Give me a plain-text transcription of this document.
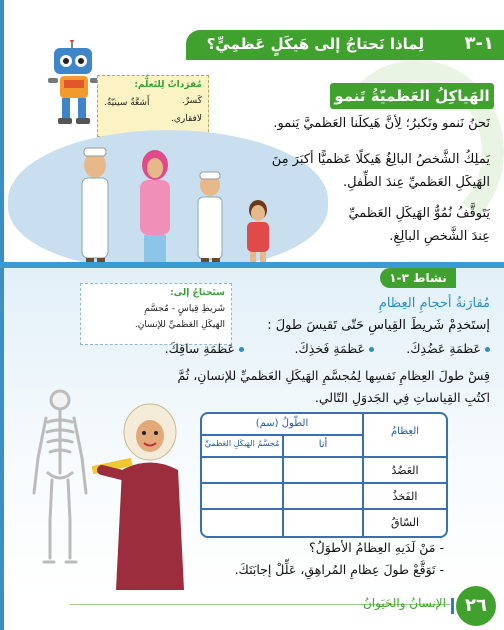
١-٣
لِماذا نَحتاجُ إلى هَيكَلٍ عَظمِيٍّ؟
مُفرَداتٌ لِلتَعلُّم:
أَشعَّةٌ سينيّةٌ.	كَسرٌ.
لافقاري.
الهَياكِلُ العَظميّةُ تَنمو
نَحنُ نَنمو ونَكبرُ؛ لِأنَّ هَيكلَنا العَظميَّ يَنمو.
يَملِكُ الشَّخصُ البالِغُ هَيكلًا عَظميًّا أكبَرَ مِنَ
الهَيكَلِ العَظميِّ عِندَ الطِّفلِ.
يَتَوقَّفُ نُمُوُّ الهَيكَلِ العَظميِّ
عِندَ الشَّخصِ البالِغِ.
نشاط ٣-١
ستَحتاجُ إلى:
شَريطِ قِياسٍ - مُجسَّمِ
الهَيكَلِ العَظميِّ للإنسانِ.
مُقارَنةُ أحجامِ العِظامِ
إستَخدِمْ شَريطَ القِياسِ حَتّى تَقيسَ طولَ :
عَظمَةِ عَضُدِكَ.
عَظمَةِ فَخذِكَ.
عَظمَةِ ساقِكَ.
قِسْ طولَ العِظامِ نَفسِها لِمُجسَّمِ الهَيكَلِ العَظميِّ للإنسانِ، ثُمَّ
اكتُبِ القِياساتِ فِي الجَدوَلِ التّالي.
العِظامُ
الطّولُ (سم)
أنا
مُجسَّمُ الهَيكَلِ العَظميِّ
العَضُدُ
الفَخذُ
السّاقُ
- مَنْ لَدَيهِ العِظامُ الأطوَلُ؟
- تَوَقَّعْ طولَ عِظامِ المُراهِقِ، عَلِّلْ إجابَتَكَ.
٢٦
الإنسانُ والحَيَوانُ
